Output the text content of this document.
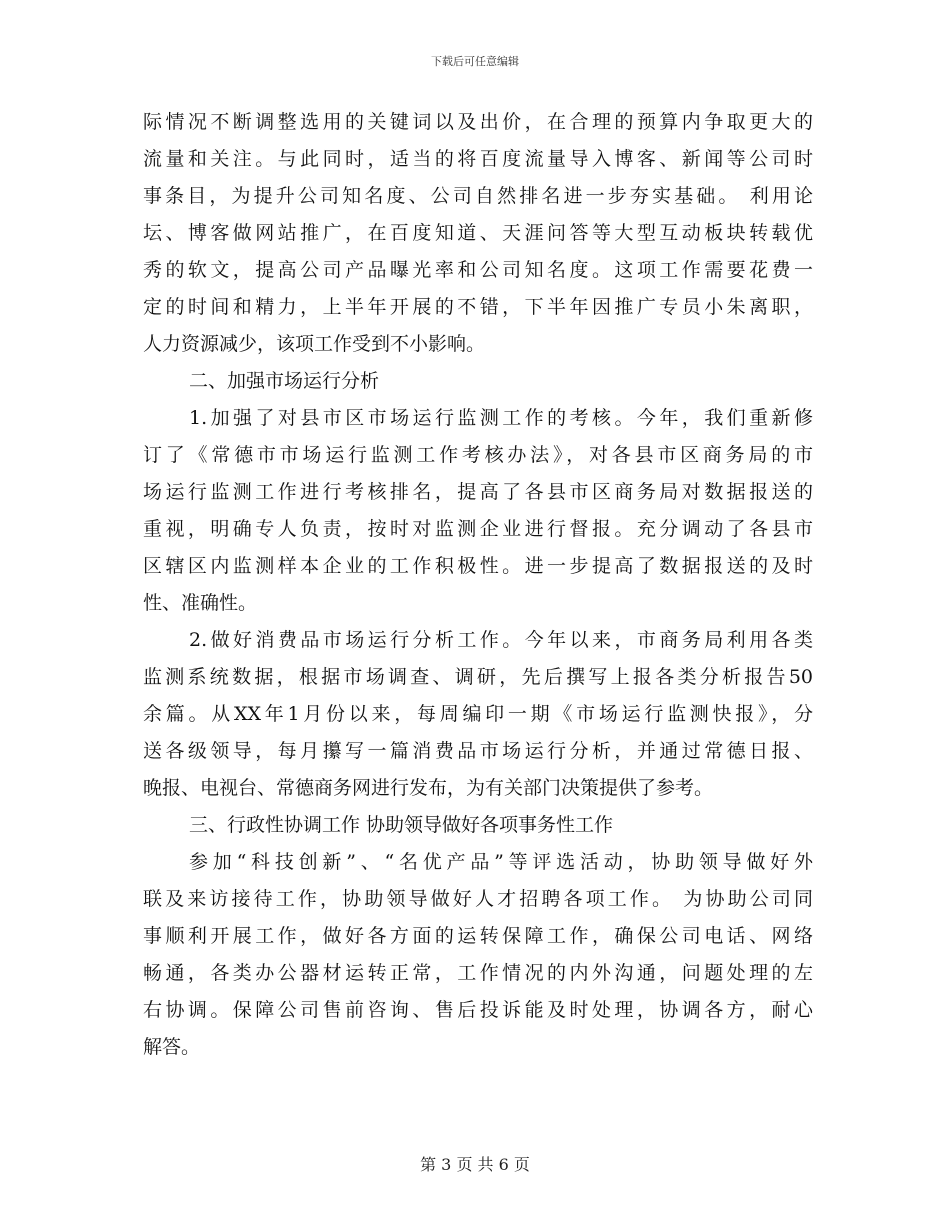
下载后可任意编辑
际情况不断调整选用的关键词以及出价，在合理的预算内争取更大的
流量和关注。与此同时，适当的将百度流量导入博客、新闻等公司时
事条目，为提升公司知名度、公司自然排名进一步夯实基础。 利用论
坛、博客做网站推广，在百度知道、天涯问答等大型互动板块转载优
秀的软文，提高公司产品曝光率和公司知名度。这项工作需要花费一
定的时间和精力，上半年开展的不错，下半年因推广专员小朱离职，
人力资源减少，该项工作受到不小影响。
二、加强市场运行分析
1.加强了对县市区市场运行监测工作的考核。今年，我们重新修
订了《常德市市场运行监测工作考核办法》，对各县市区商务局的市
场运行监测工作进行考核排名，提高了各县市区商务局对数据报送的
重视，明确专人负责，按时对监测企业进行督报。充分调动了各县市
区辖区内监测样本企业的工作积极性。进一步提高了数据报送的及时
性、准确性。
2.做好消费品市场运行分析工作。今年以来，市商务局利用各类
监测系统数据，根据市场调查、调研，先后撰写上报各类分析报告50
余篇。从XX年1月份以来，每周编印一期《市场运行监测快报》，分
送各级领导，每月攥写一篇消费品市场运行分析，并通过常德日报、
晚报、电视台、常德商务网进行发布，为有关部门决策提供了参考。
三、行政性协调工作 协助领导做好各项事务性工作
参加“科技创新”、“名优产品”等评选活动，协助领导做好外
联及来访接待工作，协助领导做好人才招聘各项工作。 为协助公司同
事顺利开展工作，做好各方面的运转保障工作，确保公司电话、网络
畅通，各类办公器材运转正常，工作情况的内外沟通，问题处理的左
右协调。保障公司售前咨询、售后投诉能及时处理，协调各方，耐心
解答。
第 3 页 共 6 页
